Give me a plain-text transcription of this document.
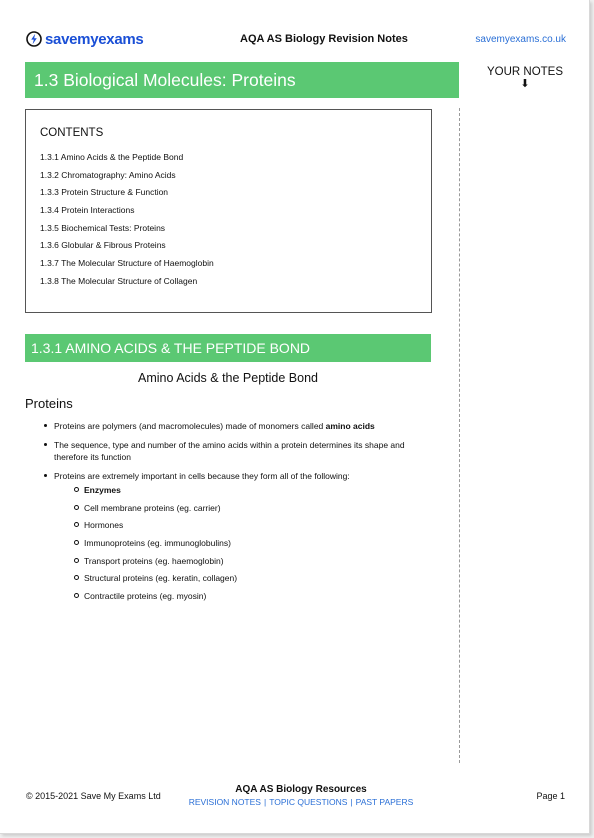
savemyexams	AQA AS Biology Revision Notes	savemyexams.co.uk
YOUR NOTES
⬇
1.3 Biological Molecules: Proteins
CONTENTS
1.3.1 Amino Acids & the Peptide Bond
1.3.2 Chromatography: Amino Acids
1.3.3 Protein Structure & Function
1.3.4 Protein Interactions
1.3.5 Biochemical Tests: Proteins
1.3.6 Globular & Fibrous Proteins
1.3.7 The Molecular Structure of Haemoglobin
1.3.8 The Molecular Structure of Collagen
1.3.1 AMINO ACIDS & THE PEPTIDE BOND
Amino Acids & the Peptide Bond
Proteins
Proteins are polymers (and macromolecules) made of monomers called amino acids
The sequence, type and number of the amino acids within a protein determines its shape and therefore its function
Proteins are extremely important in cells because they form all of the following:
Enzymes
Cell membrane proteins (eg. carrier)
Hormones
Immunoproteins (eg. immunoglobulins)
Transport proteins (eg. haemoglobin)
Structural proteins (eg. keratin, collagen)
Contractile proteins (eg. myosin)
© 2015-2021 Save My Exams Ltd
AQA AS Biology Resources
REVISION NOTES | TOPIC QUESTIONS | PAST PAPERS
Page 1
